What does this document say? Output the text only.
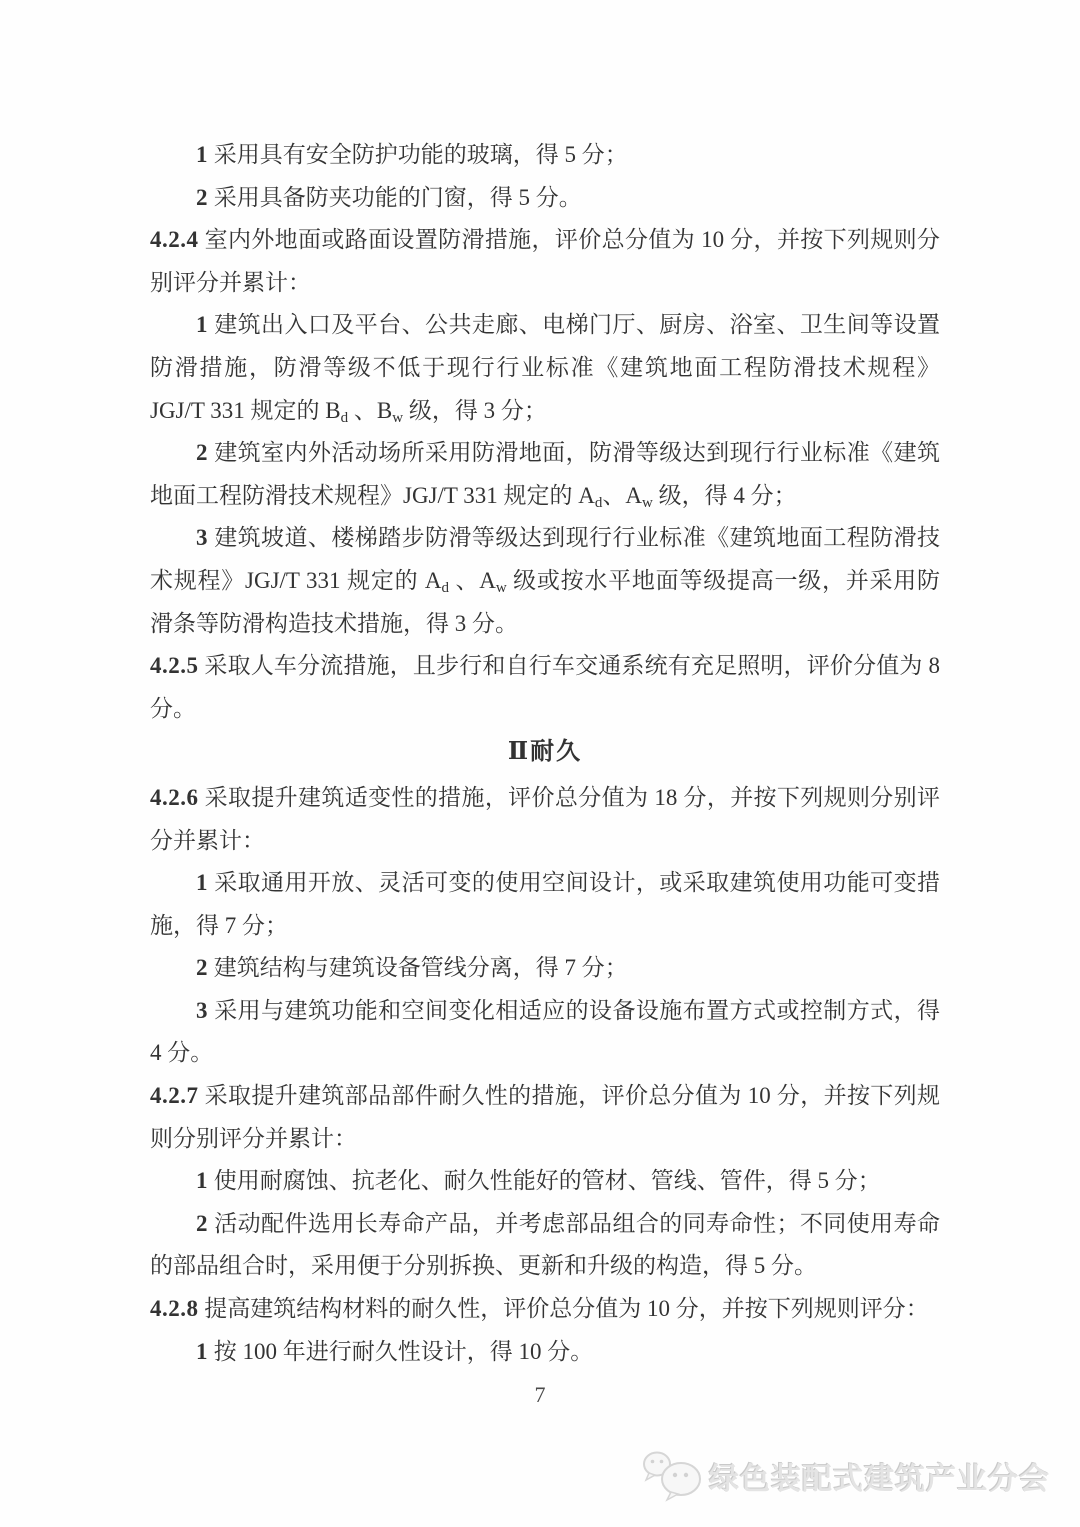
1 采用具有安全防护功能的玻璃，得 5 分；

2 采用具备防夹功能的门窗，得 5 分。

4.2.4 室内外地面或路面设置防滑措施，评价总分值为 10 分，并按下列规则分别评分并累计：

1 建筑出入口及平台、公共走廊、电梯门厅、厨房、浴室、卫生间等设置防滑措施，防滑等级不低于现行行业标准《建筑地面工程防滑技术规程》JGJ/T 331 规定的 $B_d$ 、$B_w$ 级，得 3 分；

2 建筑室内外活动场所采用防滑地面，防滑等级达到现行行业标准《建筑地面工程防滑技术规程》JGJ/T 331 规定的 $A_d$、$A_w$ 级，得 4 分；

3 建筑坡道、楼梯踏步防滑等级达到现行行业标准《建筑地面工程防滑技术规程》JGJ/T 331 规定的 $A_d$ 、$A_w$ 级或按水平地面等级提高一级，并采用防滑条等防滑构造技术措施，得 3 分。

4.2.5 采取人车分流措施，且步行和自行车交通系统有充足照明，评价分值为 8 分。

Ⅱ耐久

4.2.6 采取提升建筑适变性的措施，评价总分值为 18 分，并按下列规则分别评分并累计：

1 采取通用开放、灵活可变的使用空间设计，或采取建筑使用功能可变措施，得 7 分；

2 建筑结构与建筑设备管线分离，得 7 分；

3 采用与建筑功能和空间变化相适应的设备设施布置方式或控制方式，得 4 分。

4.2.7 采取提升建筑部品部件耐久性的措施，评价总分值为 10 分，并按下列规则分别评分并累计：

1 使用耐腐蚀、抗老化、耐久性能好的管材、管线、管件，得 5 分；

2 活动配件选用长寿命产品，并考虑部品组合的同寿命性；不同使用寿命的部品组合时，采用便于分别拆换、更新和升级的构造，得 5 分。

4.2.8 提高建筑结构材料的耐久性，评价总分值为 10 分，并按下列规则评分：

1 按 100 年进行耐久性设计，得 10 分。

7
绿色装配式建筑产业分会
